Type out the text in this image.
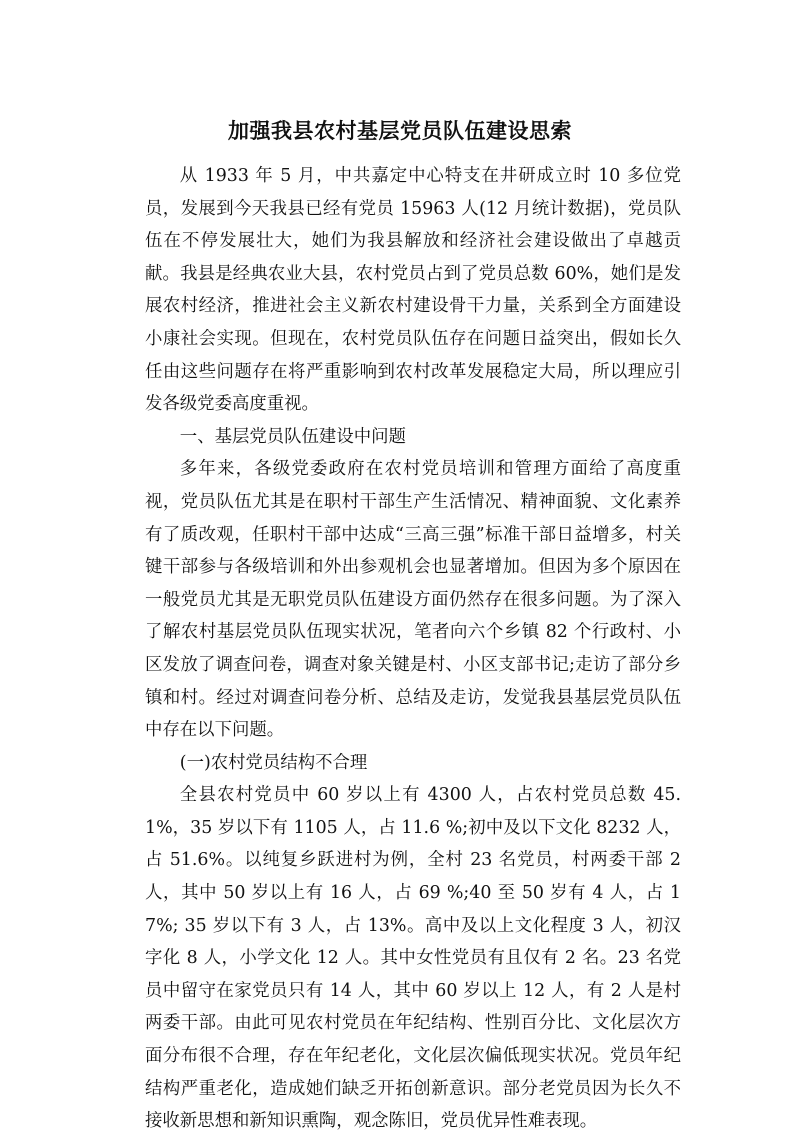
加强我县农村基层党员队伍建设思索

从 1933 年 5 月，中共嘉定中心特支在井研成立时 10 多位党员，发展到今天我县已经有党员 15963 人(12 月统计数据)，党员队伍在不停发展壮大，她们为我县解放和经济社会建设做出了卓越贡献。我县是经典农业大县，农村党员占到了党员总数 60%，她们是发展农村经济，推进社会主义新农村建设骨干力量，关系到全方面建设小康社会实现。但现在，农村党员队伍存在问题日益突出，假如长久任由这些问题存在将严重影响到农村改革发展稳定大局，所以理应引发各级党委高度重视。

一、基层党员队伍建设中问题

多年来，各级党委政府在农村党员培训和管理方面给了高度重视，党员队伍尤其是在职村干部生产生活情况、精神面貌、文化素养有了质改观，任职村干部中达成“三高三强”标准干部日益增多，村关键干部参与各级培训和外出参观机会也显著增加。但因为多个原因在一般党员尤其是无职党员队伍建设方面仍然存在很多问题。为了深入了解农村基层党员队伍现实状况，笔者向六个乡镇 82 个行政村、小区发放了调查问卷，调查对象关键是村、小区支部书记;走访了部分乡镇和村。经过对调查问卷分析、总结及走访，发觉我县基层党员队伍中存在以下问题。

(一)农村党员结构不合理

全县农村党员中 60 岁以上有 4300 人，占农村党员总数 45.1%，35 岁以下有 1105 人，占 11.6 %;初中及以下文化 8232 人，占 51.6%。以纯复乡跃进村为例，全村 23 名党员，村两委干部 2 人，其中 50 岁以上有 16 人，占 69 %;40 至 50 岁有 4 人，占 17%; 35 岁以下有 3 人，占 13%。高中及以上文化程度 3 人，初汉字化 8 人，小学文化 12 人。其中女性党员有且仅有 2 名。23 名党员中留守在家党员只有 14 人，其中 60 岁以上 12 人，有 2 人是村两委干部。由此可见农村党员在年纪结构、性别百分比、文化层次方面分布很不合理，存在年纪老化，文化层次偏低现实状况。党员年纪结构严重老化，造成她们缺乏开拓创新意识。部分老党员因为长久不接收新思想和新知识熏陶，观念陈旧，党员优异性难表现。
